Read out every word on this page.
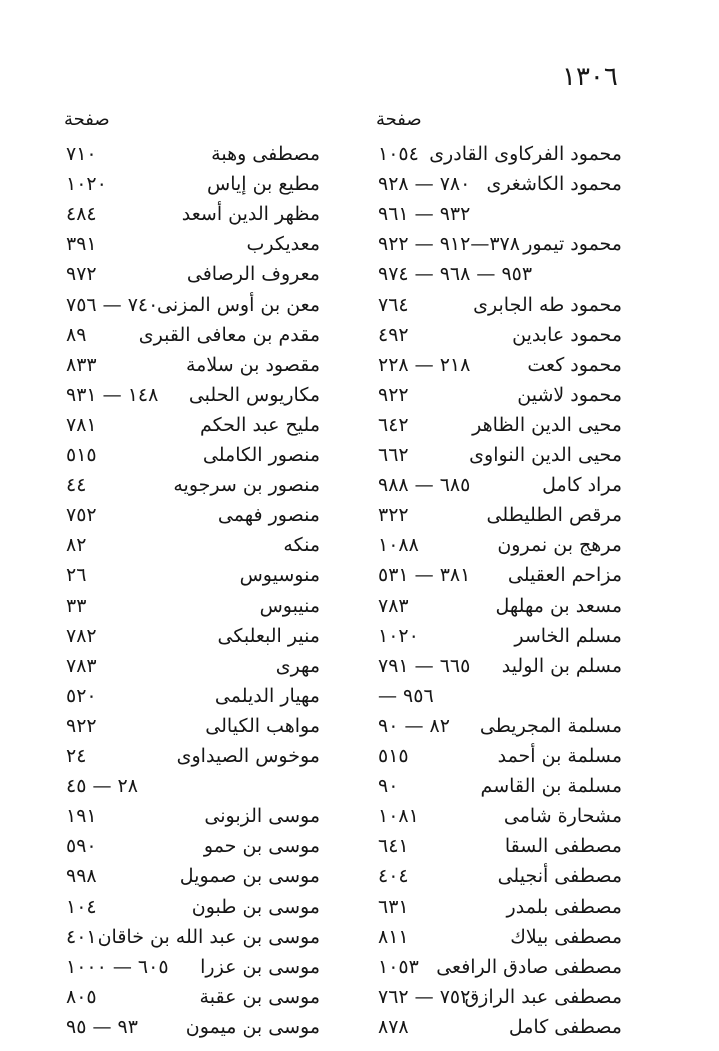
١٣٠٦
صفحة
صفحة
محمود الفركاوى القادرى
١٠٥٤
محمود الكاشغرى
٧٨٠ — ٩٢٨
٩٣٢ — ٩٦١
محمود تيمور
٣٧٨—٩١٢ — ٩٢٢
٩٥٣ — ٩٦٨ — ٩٧٤
محمود طه الجابرى
٧٦٤
محمود عابدين
٤٩٢
محمود كعت
٢١٨ — ٢٢٨
محمود لاشين
٩٢٢
محيى الدين الظاهر
٦٤٢
محيى الدين النواوى
٦٦٢
مراد كامل
٦٨٥ — ٩٨٨
مرقص الطليطلى
٣٢٢
مرهج بن نمرون
١٠٨٨
مزاحم العقيلى
٣٨١ — ٥٣١
مسعد بن مهلهل
٧٨٣
مسلم الخاسر
١٠٢٠
مسلم بن الوليد
٦٦٥ — ٧٩١
— ٩٥٦
مسلمة المجريطى
٨٢ — ٩٠
مسلمة بن أحمد
٥١٥
مسلمة بن القاسم
٩٠
مشحارة شامى
١٠٨١
مصطفى السقا
٦٤١
مصطفى أنجيلى
٤٠٤
مصطفى بلمدر
٦٣١
مصطفى بيلاك
٨١١
مصطفى صادق الرافعى
١٠٥٣
مصطفى عبد الرازق
٧٥٢ — ٧٦٢
مصطفى كامل
٨٧٨
مصطفى وهبة
٧١٠
مطيع بن إياس
١٠٢٠
مظهر الدين أسعد
٤٨٤
معديكرب
٣٩١
معروف الرصافى
٩٧٢
معن بن أوس المزنى
٧٤٠ — ٧٥٦
مقدم بن معافى القبرى
٨٩
مقصود بن سلامة
٨٣٣
مكاريوس الحلبى
١٤٨ — ٩٣١
مليح عبد الحكم
٧٨١
منصور الكاملى
٥١٥
منصور بن سرجويه
٤٤
منصور فهمى
٧٥٢
منكه
٨٢
منوسيوس
٢٦
منيبوس
٣٣
منير البعلبكى
٧٨٢
مهرى
٧٨٣
مهيار الديلمى
٥٢٠
مواهب الكيالى
٩٢٢
موخوس الصيداوى
٢٤
٢٨ — ٤٥
موسى الزبونى
١٩١
موسى بن حمو
٥٩٠
موسى بن صمويل
٩٩٨
موسى بن طبون
١٠٤
موسى بن عبد الله بن خاقان
٤٠١
موسى بن عزرا
٦٠٥ — ١٠٠٠
موسى بن عقبة
٨٠٥
موسى بن ميمون
٩٣ — ٩٥
